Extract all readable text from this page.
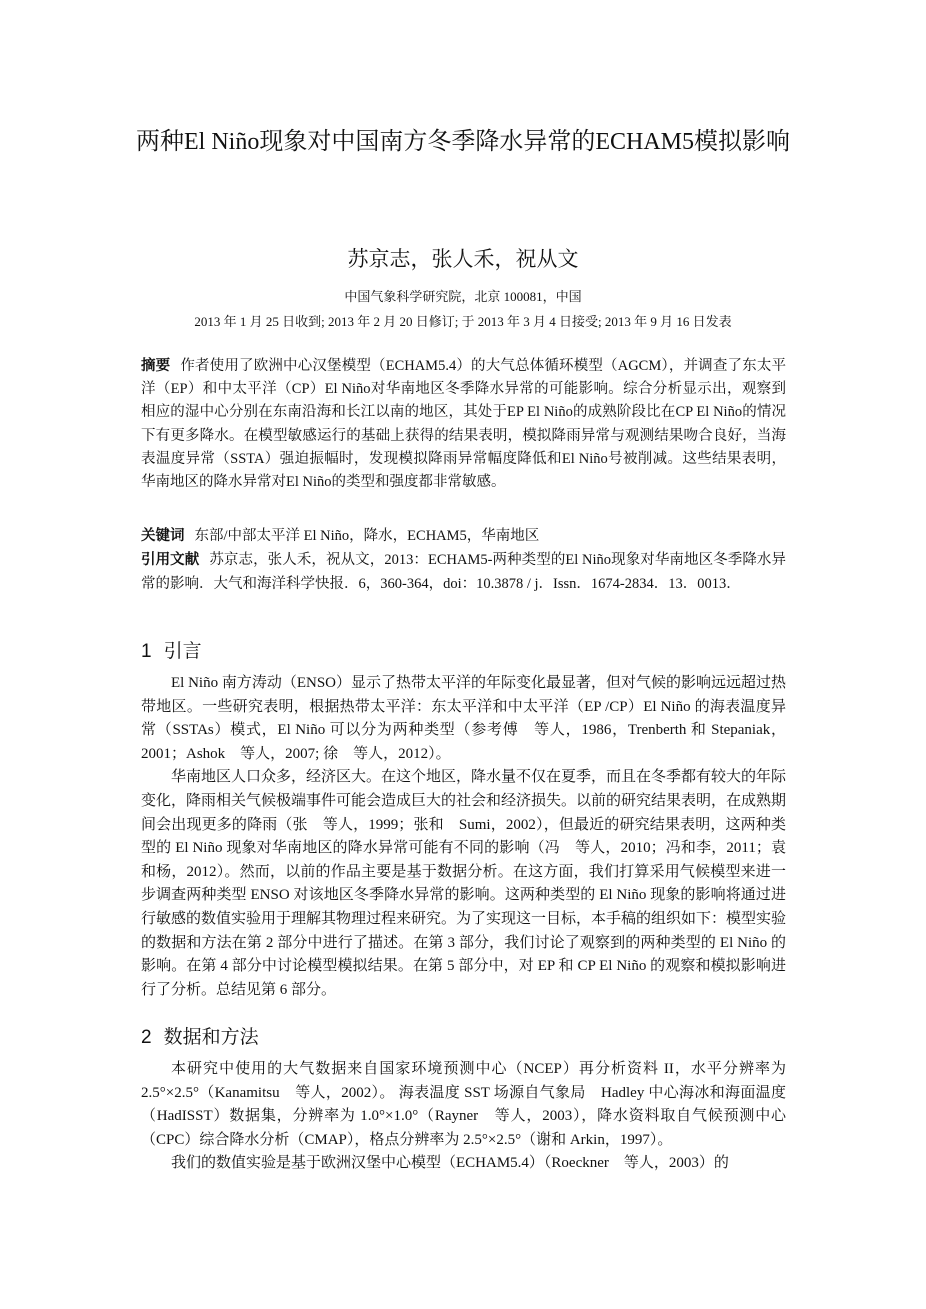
两种El Niño现象对中国南方冬季降水异常的ECHAM5模拟影响

苏京志，张人禾，祝从文

中国气象科学研究院，北京 100081，中国

2013 年 1 月 25 日收到; 2013 年 2 月 20 日修订; 于 2013 年 3 月 4 日接受; 2013 年 9 月 16 日发表

摘要 作者使用了欧洲中心汉堡模型（ECHAM5.4）的大气总体循环模型（AGCM），并调查了东太平洋（EP）和中太平洋（CP）El Niño对华南地区冬季降水异常的可能影响。综合分析显示出，观察到相应的湿中心分别在东南沿海和长江以南的地区，其处于EP El Niño的成熟阶段比在CP El Niño的情况下有更多降水。在模型敏感运行的基础上获得的结果表明，模拟降雨异常与观测结果吻合良好，当海表温度异常（SSTA）强迫振幅时，发现模拟降雨异常幅度降低和El Niño号被削减。这些结果表明，华南地区的降水异常对El Niño的类型和强度都非常敏感。

关键词 东部/中部太平洋 El Niño，降水，ECHAM5，华南地区

引用文献 苏京志，张人禾，祝从文，2013：ECHAM5-两种类型的El Niño现象对华南地区冬季降水异常的影响．大气和海洋科学快报．6，360-364，doi：10.3878 / j．Issn．1674-2834．13．0013．

1 引言

El Niño 南方涛动（ENSO）显示了热带太平洋的年际变化最显著，但对气候的影响远远超过热带地区。一些研究表明，根据热带太平洋：东太平洋和中太平洋（EP /CP）El Niño 的海表温度异常（SSTAs）模式，El Niño 可以分为两种类型（参考傅　等人，1986，Trenberth 和 Stepaniak，2001；Ashok　等人，2007; 徐　等人，2012）。

华南地区人口众多，经济区大。在这个地区，降水量不仅在夏季，而且在冬季都有较大的年际变化，降雨相关气候极端事件可能会造成巨大的社会和经济损失。以前的研究结果表明，在成熟期间会出现更多的降雨（张　等人，1999；张和　Sumi，2002），但最近的研究结果表明，这两种类型的 El Niño 现象对华南地区的降水异常可能有不同的影响（冯　等人，2010；冯和李，2011；袁和杨，2012）。然而，以前的作品主要是基于数据分析。在这方面，我们打算采用气候模型来进一步调查两种类型 ENSO 对该地区冬季降水异常的影响。这两种类型的 El Niño 现象的影响将通过进行敏感的数值实验用于理解其物理过程来研究。为了实现这一目标，本手稿的组织如下：模型实验的数据和方法在第 2 部分中进行了描述。在第 3 部分，我们讨论了观察到的两种类型的 El Niño 的影响。在第 4 部分中讨论模型模拟结果。在第 5 部分中，对 EP 和 CP El Niño 的观察和模拟影响进行了分析。总结见第 6 部分。

2 数据和方法

本研究中使用的大气数据来自国家环境预测中心（NCEP）再分析资料 II，水平分辨率为 2.5°×2.5°（Kanamitsu　等人，2002）。 海表温度 SST 场源自气象局　Hadley 中心海冰和海面温度（HadISST）数据集，分辨率为 1.0°×1.0°（Rayner　等人，2003），降水资料取自气候预测中心（CPC）综合降水分析（CMAP），格点分辨率为 2.5°×2.5°（谢和 Arkin，1997）。

我们的数值实验是基于欧洲汉堡中心模型（ECHAM5.4）（Roeckner　等人，2003）的
